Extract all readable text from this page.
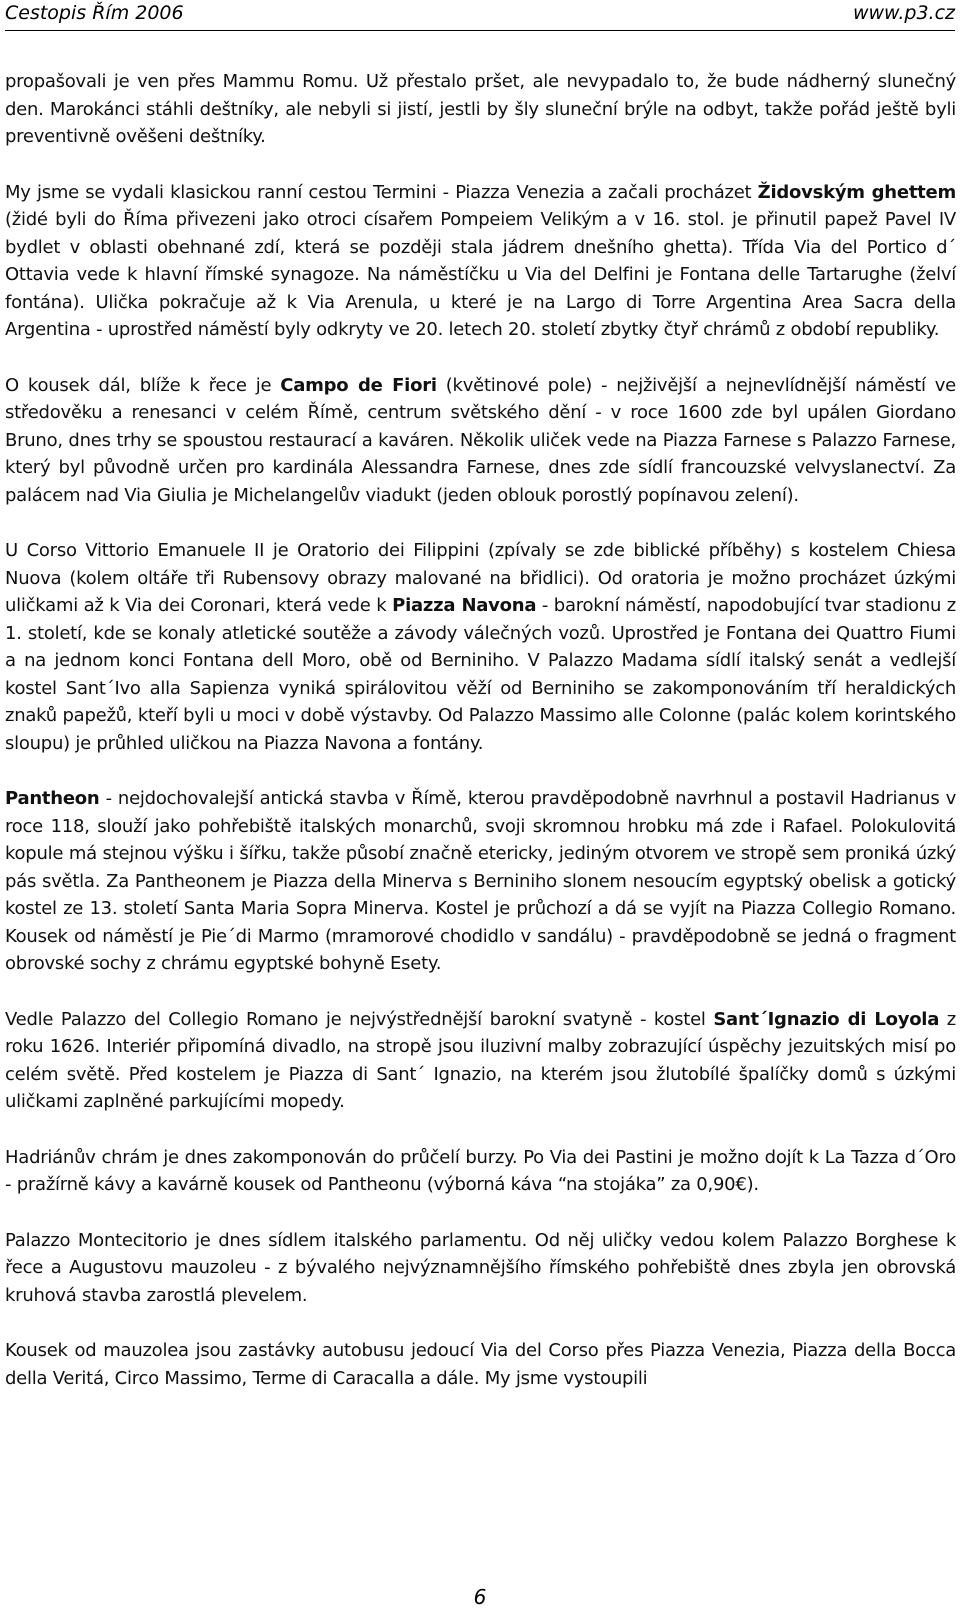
Cestopis Řím 2006	www.p3.cz

propašovali je ven přes Mammu Romu. Už přestalo pršet, ale nevypadalo to, že bude nádherný slunečný den. Marokánci stáhli deštníky, ale nebyli si jistí, jestli by šly sluneční brýle na odbyt, takže pořád ještě byli preventivně ověšeni deštníky.

My jsme se vydali klasickou ranní cestou Termini - Piazza Venezia a začali procházet Židovským ghettem (židé byli do Říma přivezeni jako otroci císařem Pompeiem Velikým a v 16. stol. je přinutil papež Pavel IV bydlet v oblasti obehnané zdí, která se později stala jádrem dnešního ghetta). Třída Via del Portico d´ Ottavia vede k hlavní římské synagoze. Na náměstíčku u Via del Delfini je Fontana delle Tartarughe (želví fontána). Ulička pokračuje až k Via Arenula, u které je na Largo di Torre Argentina Area Sacra della Argentina - uprostřed náměstí byly odkryty ve 20. letech 20. století zbytky čtyř chrámů z období republiky.

O kousek dál, blíže k řece je Campo de Fiori (květinové pole) - nejživější a nejnevlídnější náměstí ve středověku a renesanci v celém Římě, centrum světského dění - v roce 1600 zde byl upálen Giordano Bruno, dnes trhy se spoustou restaurací a kaváren. Několik uliček vede na Piazza Farnese s Palazzo Farnese, který byl původně určen pro kardinála Alessandra Farnese, dnes zde sídlí francouzské velvyslanectví. Za palácem nad Via Giulia je Michelangelův viadukt (jeden oblouk porostlý popínavou zelení).

U Corso Vittorio Emanuele II je Oratorio dei Filippini (zpívaly se zde biblické příběhy) s kostelem Chiesa Nuova (kolem oltáře tři Rubensovy obrazy malované na břidlici). Od oratoria je možno procházet úzkými uličkami až k Via dei Coronari, která vede k Piazza Navona - barokní náměstí, napodobující tvar stadionu z 1. století, kde se konaly atletické soutěže a závody válečných vozů. Uprostřed je Fontana dei Quattro Fiumi a na jednom konci Fontana dell Moro, obě od Berniniho. V Palazzo Madama sídlí italský senát a vedlejší kostel Sant´Ivo alla Sapienza vyniká spirálovitou věží od Berniniho se zakomponováním tří heraldických znaků papežů, kteří byli u moci v době výstavby. Od Palazzo Massimo alle Colonne (palác kolem korintského sloupu) je průhled uličkou na Piazza Navona a fontány.

Pantheon - nejdochovalejší antická stavba v Římě, kterou pravděpodobně navrhnul a postavil Hadrianus v roce 118, slouží jako pohřebiště italských monarchů, svoji skromnou hrobku má zde i Rafael. Polokulovitá kopule má stejnou výšku i šířku, takže působí značně etericky, jediným otvorem ve stropě sem proniká úzký pás světla. Za Pantheonem je Piazza della Minerva s Berniniho slonem nesoucím egyptský obelisk a gotický kostel ze 13. století Santa Maria Sopra Minerva. Kostel je průchozí a dá se vyjít na Piazza Collegio Romano. Kousek od náměstí je Pie´di Marmo (mramorové chodidlo v sandálu) - pravděpodobně se jedná o fragment obrovské sochy z chrámu egyptské bohyně Esety.

Vedle Palazzo del Collegio Romano je nejvýstřednější barokní svatyně - kostel Sant´Ignazio di Loyola z roku 1626. Interiér připomíná divadlo, na stropě jsou iluzivní malby zobrazující úspěchy jezuitských misí po celém světě. Před kostelem je Piazza di Sant´ Ignazio, na kterém jsou žlutobílé špalíčky domů s úzkými uličkami zaplněné parkujícími mopedy.

Hadriánův chrám je dnes zakomponován do průčelí burzy. Po Via dei Pastini je možno dojít k La Tazza d´Oro - pražírně kávy a kavárně kousek od Pantheonu (výborná káva “na stojáka” za 0,90€).

Palazzo Montecitorio je dnes sídlem italského parlamentu. Od něj uličky vedou kolem Palazzo Borghese k řece a Augustovu mauzoleu - z bývalého nejvýznamnějšího římského pohřebiště dnes zbyla jen obrovská kruhová stavba zarostlá plevelem.

Kousek od mauzolea jsou zastávky autobusu jedoucí Via del Corso přes Piazza Venezia, Piazza della Bocca della Veritá, Circo Massimo, Terme di Caracalla a dále. My jsme vystoupili

6
